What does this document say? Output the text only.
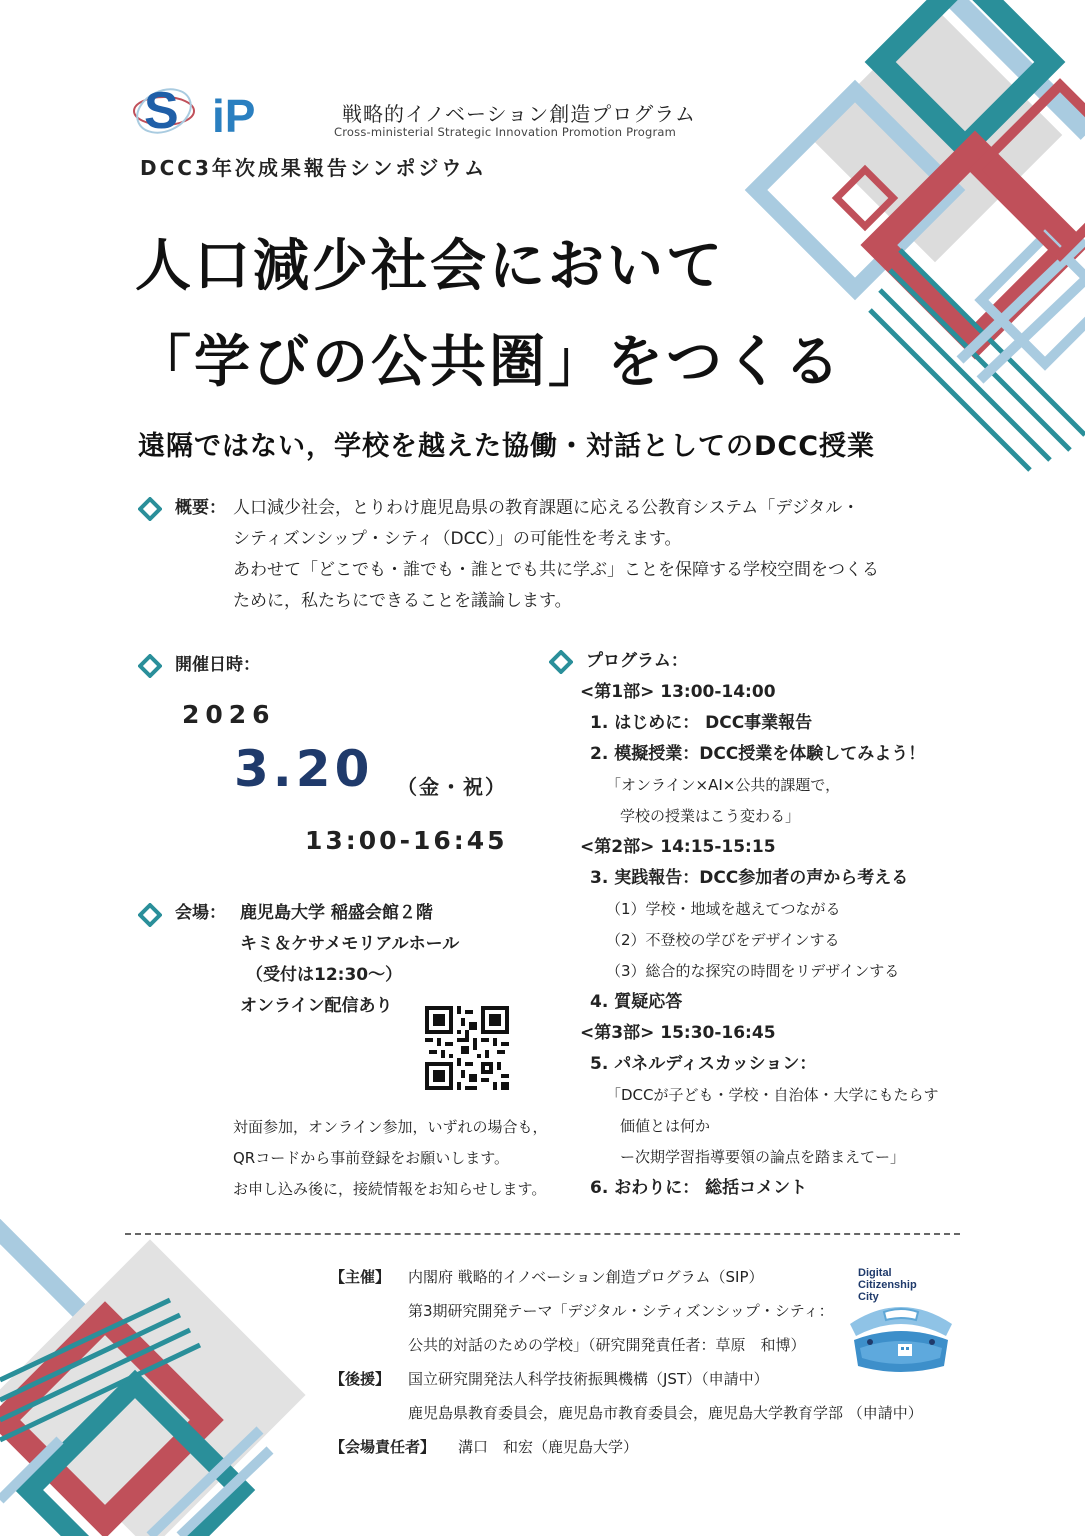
S iP	戦略的イノベーション創造プログラム
Cross-ministerial Strategic Innovation Promotion Program
DCC3年次成果報告シンポジウム
人口減少社会において
「学びの公共圏」をつくる
遠隔ではない，学校を越えた協働・対話としてのDCC授業
概要： 人口減少社会，とりわけ鹿児島県の教育課題に応える公教育システム「デジタル・
シティズンシップ・シティ（DCC）」の可能性を考えます。
あわせて「どこでも・誰でも・誰とでも共に学ぶ」ことを保障する学校空間をつくる
ために，私たちにできることを議論します。
開催日時：
2026
3.20 （金・祝）
13:00-16:45
会場： 鹿児島大学 稲盛会館２階
キミ＆ケサメモリアルホール
（受付は12:30～）
オンライン配信あり
対面参加，オンライン参加，いずれの場合も，
QRコードから事前登録をお願いします。
お申し込み後に，接続情報をお知らせします。
プログラム：
<第1部> 13:00-14:00
1. はじめに： DCC事業報告
2. 模擬授業：DCC授業を体験してみよう！
「オンライン×AI×公共的課題で，
学校の授業はこう変わる」
<第2部> 14:15-15:15
3. 実践報告：DCC参加者の声から考える
（1）学校・地域を越えてつながる
（2）不登校の学びをデザインする
（3）総合的な探究の時間をリデザインする
4. 質疑応答
<第3部> 15:30-16:45
5. パネルディスカッション：
「DCCが子ども・学校・自治体・大学にもたらす
価値とは何か
ー次期学習指導要領の論点を踏まえてー」
6. おわりに： 総括コメント
【主催】 内閣府 戦略的イノベーション創造プログラム（SIP）
第3期研究開発テーマ「デジタル・シティズンシップ・シティ：
公共的対話のための学校」（研究開発責任者：草原　和博）
【後援】 国立研究開発法人科学技術振興機構（JST）（申請中）
鹿児島県教育委員会，鹿児島市教育委員会，鹿児島大学教育学部 （申請中）
【会場責任者】 溝口　和宏（鹿児島大学）
Digital
Citizenship
City
